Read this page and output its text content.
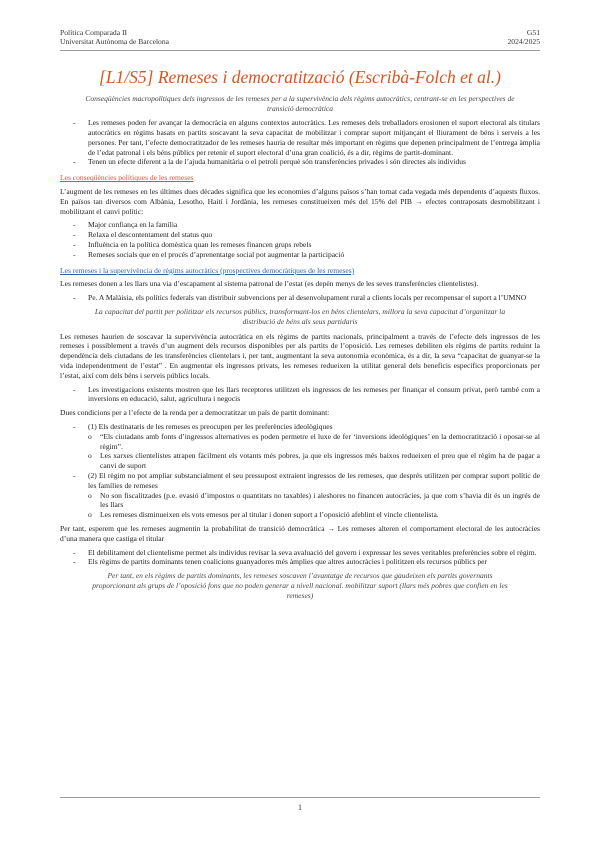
Política Comparada II
Universitat Autònoma de Barcelona
G51
2024/2025
[L1/S5] Remeses i democratització (Escribà-Folch et al.)
Conseqüències macropolítiques dels ingressos de les remeses per a la supervivència dels règims autocràtics, centrant-se en les perspectives de transició democràtica
- Les remeses poden fer avançar la democràcia en alguns contextos autocràtics. Les remeses dels treballadors erosionen el suport electoral als titulars autocràtics en règims basats en partits soscavant la seva capacitat de mobilitzar i comprar suport mitjançant el lliurament de béns i serveis a les persones. Per tant, l’efecte democratitzador de les remeses hauria de resultar més important en règims que depenen principalment de l’entrega àmplia de l’edat patronal i els béns públics per retenir el suport electoral d’una gran coalició, és a dir, règims de partit-dominant.
- Tenen un efecte diferent a la de l’ajuda humanitària o el petroli perquè són transferències privades i són directes als individus
Les conseqüències polítiques de les remeses

L’augment de les remeses en les últimes dues dècades significa que les economies d’alguns països s’han tornat cada vegada més dependents d’aquests fluxos. En països tan diversos com Albània, Lesotho, Haití i Jordània, les remeses constitueixen més del 15% del PIB → efectes contraposats desmobilitzant i mobilitzant el canvi polític:

- Major confiança en la família
- Relaxa el descontentament del status quo
- Influència en la política domèstica quan les remeses financen grups rebels
- Remeses socials que en el procés d’aprenentatge social pot augmentar la participació
Les remeses i la supervivència de règims autocràtics (prospectives democràtiques de les remeses)

Les remeses donen a les llars una via d’escapament al sistema patronal de l’estat (es depèn menys de les seves transferències clientelistes).

- Pe. A Malàisia, els polítics federals van distribuir subvencions per al desenvolupament rural a clients locals per recompensar el suport a l’UMNO
La capacitat del partit per polititzar els recursos públics, transformant-los en béns clientelars, millora la seva capacitat d’organitzar la distribució de béns als seus partidaris

Les remeses haurien de soscavar la supervivència autocràtica en els règims de partits nacionals, principalment a través de l’efecte dels ingressos de les remeses i possiblement a través d’un augment dels recursos disponibles per als partits de l’oposició. Les remeses debiliten els règims de partits reduint la dependència dels ciutadans de les transferències clientelars i, per tant, augmentant la seva autonomia econòmica, és a dir, la seva “capacitat de guanyar-se la vida independentment de l’estat” . En augmentar els ingressos privats, les remeses redueixen la utilitat general dels beneficis específics proporcionats per l’estat, així com dels béns i serveis públics locals.

- Les investigacions existents mostren que les llars receptores utilitzen els ingressos de les remeses per finançar el consum privat, però també com a inversions en educació, salut, agricultura i negocis

Dues condicions per a l’efecte de la renda per a democratitzar un país de partit dominant:

- (1) Els destinataris de les remeses es preocupen per les preferències ideològiques
o “Els ciutadans amb fonts d’ingressos alternatives es poden permetre el luxe de fer ‘inversions ideològiques’ en la democratització i oposar-se al règim”.
o Les xarxes clientelistes atrapen fàcilment els votants més pobres, ja que els ingressos més baixos redueixen el preu que el règim ha de pagar a canvi de suport
- (2) El règim no pot ampliar substancialment el seu pressupost extraient ingressos de les remeses, que després utilitzen per comprar suport polític de les famílies de remeses
o No son fiscalitzades (p.e. evasió d’impostos o quantitats no taxables) i aleshores no financen autocràcies, ja que com s’havia dit és un ingrés de les llars
o Les remeses disminueixen els vots emesos per al titular i donen suport a l’oposició afeblint el vincle clientelista.

Per tant, esperem que les remeses augmentin la probabilitat de transició democràtica → Les remeses alteren el comportament electoral de les autocràcies d’una manera que castiga el titular

- El debilitament del clientelisme permet als individus revisar la seva avaluació del govern i expressar les seves veritables preferències sobre el règim.
- Els règims de partits dominants tenen coalicions guanyadores més àmplies que altres autocràcies i polititzen els recursos públics per
Per tant, en els règims de partits dominants, les remeses soscaven l’avantatge de recursos que gaudeixen els partits governants proporcionant als grups de l’oposició fons que no poden generar a nivell nacional. mobilitzar suport (llars més pobres que confien en les remeses)
1
